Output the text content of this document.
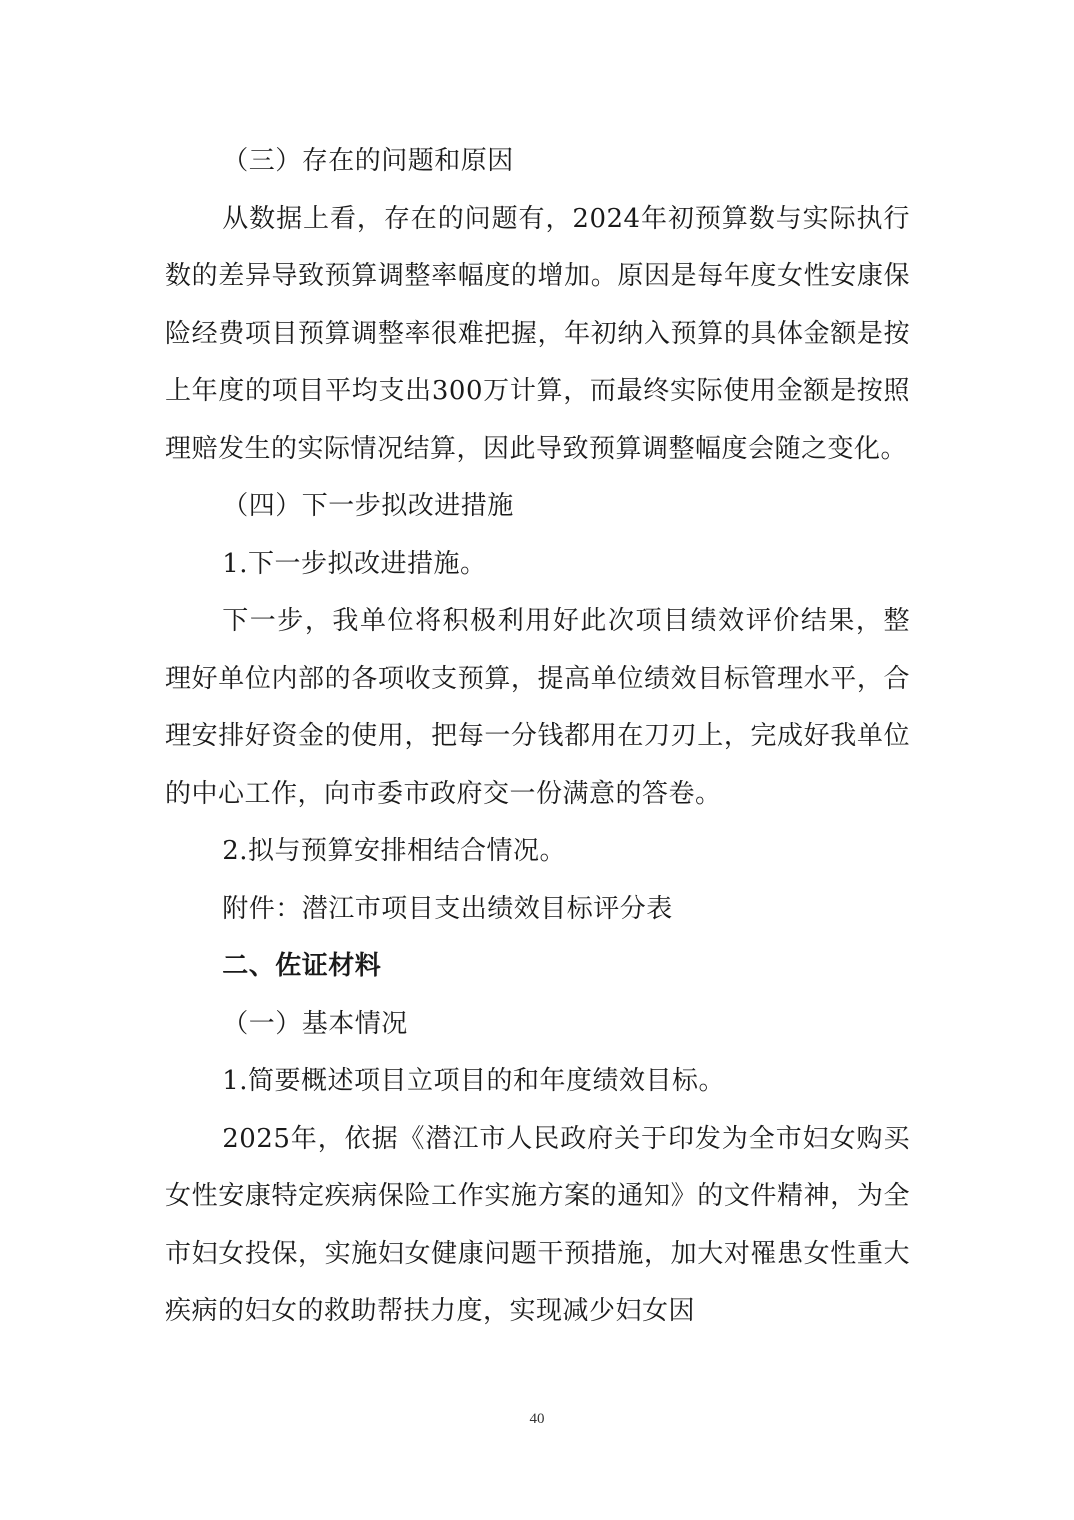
（三）存在的问题和原因

从数据上看，存在的问题有，2024年初预算数与实际执行数的差异导致预算调整率幅度的增加。原因是每年度女性安康保险经费项目预算调整率很难把握，年初纳入预算的具体金额是按上年度的项目平均支出300万计算，而最终实际使用金额是按照理赔发生的实际情况结算，因此导致预算调整幅度会随之变化。

（四）下一步拟改进措施

1.下一步拟改进措施。

下一步，我单位将积极利用好此次项目绩效评价结果，整理好单位内部的各项收支预算，提高单位绩效目标管理水平，合理安排好资金的使用，把每一分钱都用在刀刃上，完成好我单位的中心工作，向市委市政府交一份满意的答卷。

2.拟与预算安排相结合情况。

附件：潜江市项目支出绩效目标评分表

二、佐证材料

（一）基本情况

1.简要概述项目立项目的和年度绩效目标。

2025年，依据《潜江市人民政府关于印发为全市妇女购买女性安康特定疾病保险工作实施方案的通知》的文件精神，为全市妇女投保，实施妇女健康问题干预措施，加大对罹患女性重大疾病的妇女的救助帮扶力度，实现减少妇女因

40
